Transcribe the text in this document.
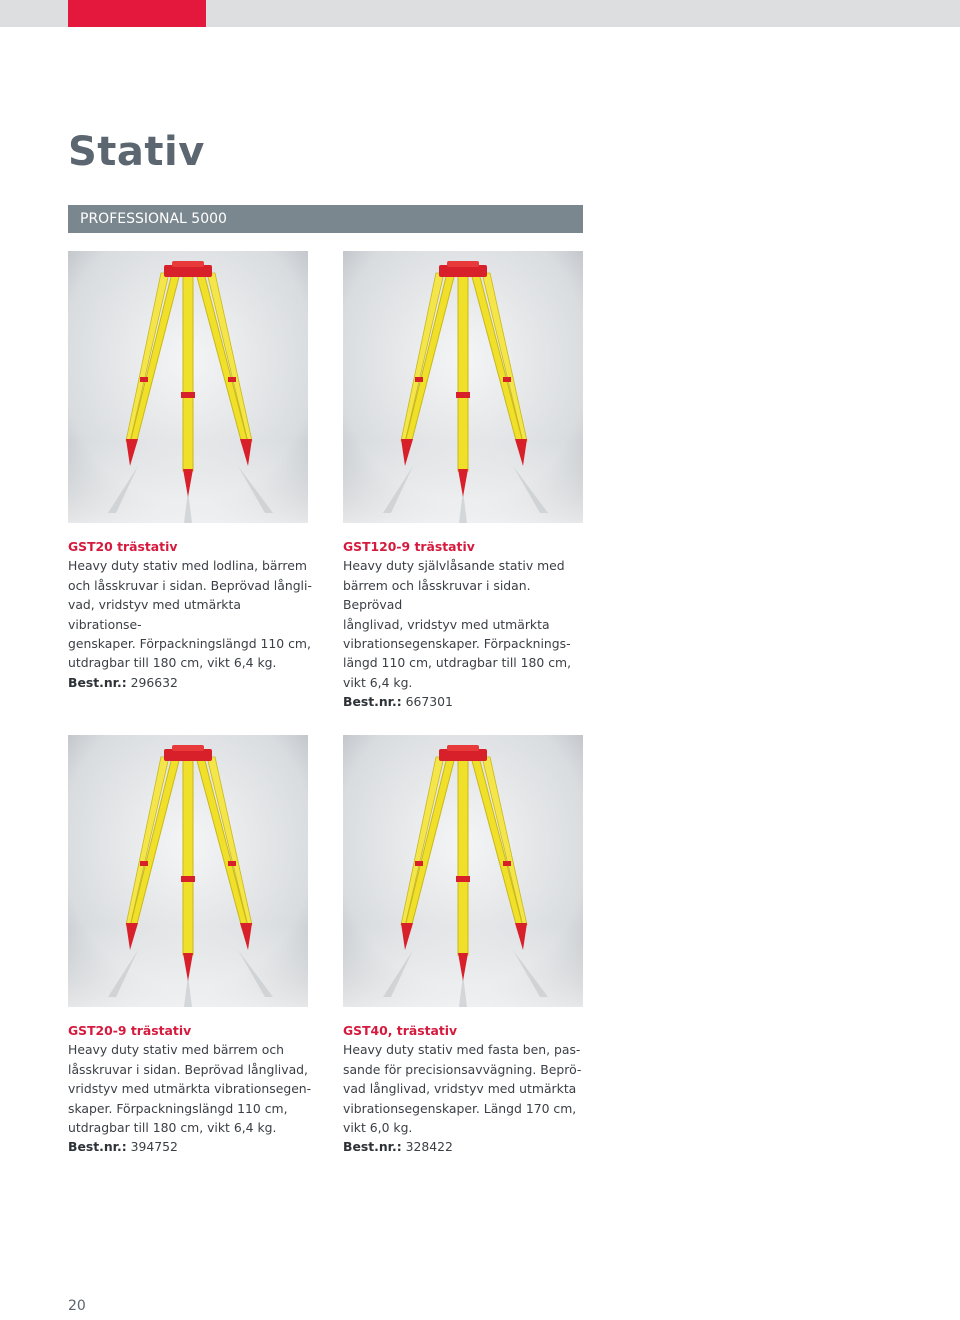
Stativ
PROFESSIONAL 5000
GST20 trästativ
Heavy duty stativ med lodlina, bärrem
och låsskruvar i sidan. Beprövad långli-
vad, vridstyv med utmärkta vibrationse-
genskaper. Förpackningslängd 110 cm,
utdragbar till 180 cm, vikt 6,4 kg.
Best.nr.: 296632
GST120-9 trästativ
Heavy duty självlåsande stativ med
bärrem och låsskruvar i sidan. Beprövad
långlivad, vridstyv med utmärkta
vibrationsegenskaper. Förpacknings-
längd 110 cm, utdragbar till 180 cm,
vikt 6,4 kg.
Best.nr.: 667301
GST20-9 trästativ
Heavy duty stativ med bärrem och
låsskruvar i sidan. Beprövad långlivad,
vridstyv med utmärkta vibrationsegen-
skaper. Förpackningslängd 110 cm,
utdragbar till 180 cm, vikt 6,4 kg.
Best.nr.: 394752
GST40, trästativ
Heavy duty stativ med fasta ben, pas-
sande för precisionsavvägning. Beprö-
vad långlivad, vridstyv med utmärkta
vibrationsegenskaper. Längd 170 cm,
vikt 6,0 kg.
Best.nr.: 328422
20
